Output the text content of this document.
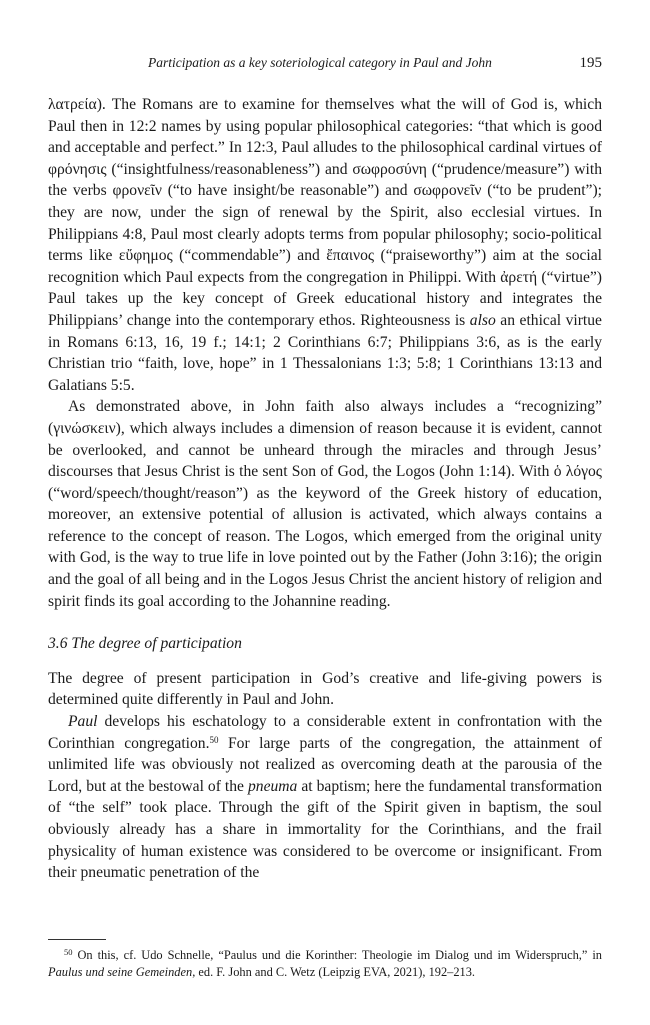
Participation as a key soteriological category in Paul and John	195

λατρεία). The Romans are to examine for themselves what the will of God is, which Paul then in 12:2 names by using popular philosophical categories: “that which is good and acceptable and perfect.” In 12:3, Paul alludes to the philosophical cardinal virtues of φρόνησις (“insightfulness/reasonableness”) and σωφροσύνη (“prudence/measure”) with the verbs φρονεῖν (“to have insight/be reasonable”) and σωφρονεῖν (“to be prudent”); they are now, under the sign of renewal by the Spirit, also ecclesial virtues. In Philippians 4:8, Paul most clearly adopts terms from popular philosophy; socio-political terms like εὔφημος (“commendable”) and ἔπαινος (“praiseworthy”) aim at the social recognition which Paul expects from the congregation in Philippi. With ἀρετή (“virtue”) Paul takes up the key concept of Greek educational history and integrates the Philippians’ change into the contemporary ethos. Righteousness is also an ethical virtue in Romans 6:13, 16, 19 f.; 14:1; 2 Corinthians 6:7; Philippians 3:6, as is the early Christian trio “faith, love, hope” in 1 Thessalonians 1:3; 5:8; 1 Corinthians 13:13 and Galatians 5:5.

As demonstrated above, in John faith also always includes a “recognizing” (γινώσκειν), which always includes a dimension of reason because it is evident, cannot be overlooked, and cannot be unheard through the miracles and through Jesus’ discourses that Jesus Christ is the sent Son of God, the Logos (John 1:14). With ὁ λόγος (“word/speech/thought/reason”) as the keyword of the Greek history of education, moreover, an extensive potential of allusion is activated, which always contains a reference to the concept of reason. The Logos, which emerged from the original unity with God, is the way to true life in love pointed out by the Father (John 3:16); the origin and the goal of all being and in the Logos Jesus Christ the ancient history of religion and spirit finds its goal according to the Johannine reading.

3.6 The degree of participation

The degree of present participation in God’s creative and life-giving powers is determined quite differently in Paul and John.

Paul develops his eschatology to a considerable extent in confrontation with the Corinthian congregation.$^{50}$ For large parts of the congregation, the attainment of unlimited life was obviously not realized as overcoming death at the parousia of the Lord, but at the bestowal of the pneuma at baptism; here the fundamental transformation of “the self” took place. Through the gift of the Spirit given in baptism, the soul obviously already has a share in immortality for the Corinthians, and the frail physicality of human existence was considered to be overcome or insignificant. From their pneumatic penetration of the

$^{50}$ On this, cf. Udo Schnelle, “Paulus und die Korinther: Theologie im Dialog und im Widerspruch,” in Paulus und seine Gemeinden, ed. F. John and C. Wetz (Leipzig EVA, 2021), 192–213.
